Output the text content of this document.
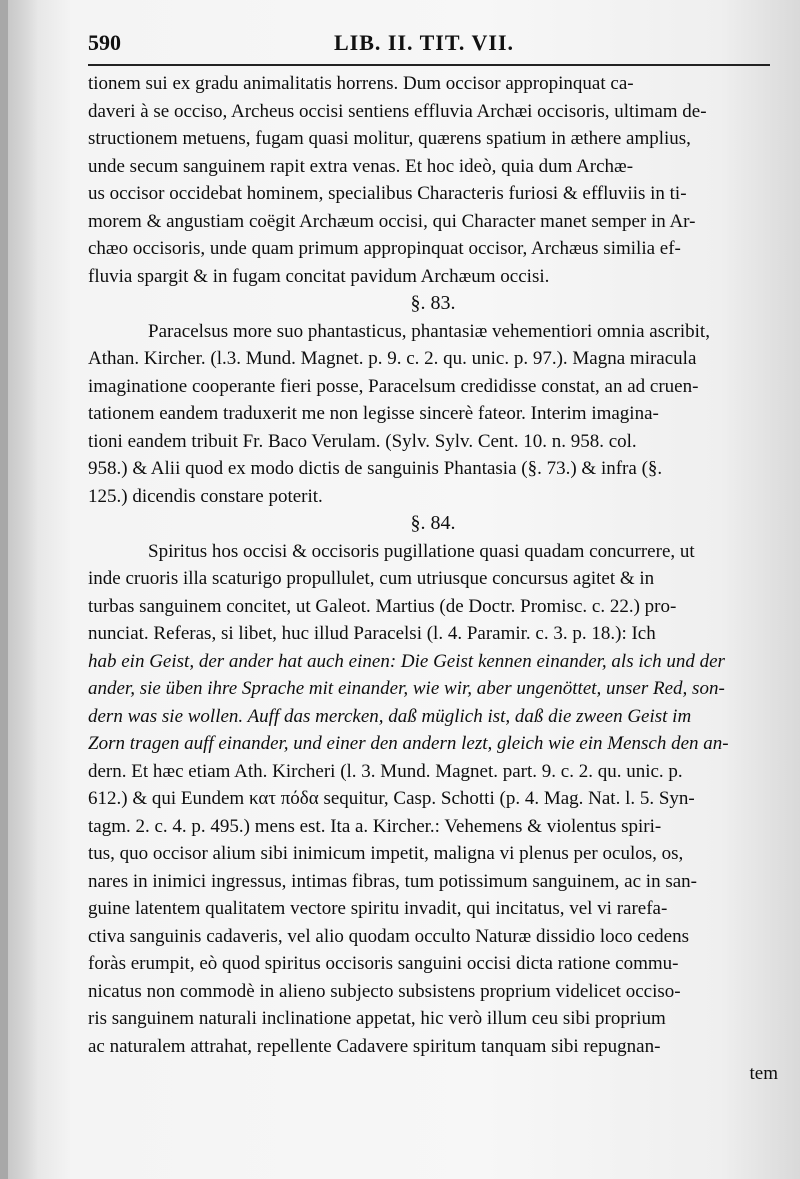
590	LIB. II. TIT. VII.

tionem sui ex gradu animalitatis horrens. Dum occisor appropinquat ca-
daveri à se occiso, Archeus occisi sentiens effluvia Archæi occisoris, ultimam de-
structionem metuens, fugam quasi molitur, quærens spatium in æthere amplius,
unde secum sanguinem rapit extra venas. Et hoc ideò, quia dum Archæ-
us occisor occidebat hominem, specialibus Characteris furiosi & effluviis in ti-
morem & angustiam coëgit Archæum occisi, qui Character manet semper in Ar-
chæo occisoris, unde quam primum appropinquat occisor, Archæus similia ef-
fluvia spargit & in fugam concitat pavidum Archæum occisi.

§. 83.

Paracelsus more suo phantasticus, phantasiæ vehementiori omnia ascribit,
Athan. Kircher. (l.3. Mund. Magnet. p. 9. c. 2. qu. unic. p. 97.). Magna miracula
imaginatione cooperante fieri posse, Paracelsum credidisse constat, an ad cruen-
tationem eandem traduxerit me non legisse sincerè fateor. Interim imagina-
tioni eandem tribuit Fr. Baco Verulam. (Sylv. Sylv. Cent. 10. n. 958. col.
958.) & Alii quod ex modo dictis de sanguinis Phantasia (§. 73.) & infra (§.
125.) dicendis constare poterit.

§. 84.

Spiritus hos occisi & occisoris pugillatione quasi quadam concurrere, ut
inde cruoris illa scaturigo propullulet, cum utriusque concursus agitet & in
turbas sanguinem concitet, ut Galeot. Martius (de Doctr. Promisc. c. 22.) pro-
nunciat. Referas, si libet, huc illud Paracelsi (l. 4. Paramir. c. 3. p. 18.): Ich
hab ein Geist, der ander hat auch einen: Die Geist kennen einander, als ich und der
ander, sie üben ihre Sprache mit einander, wie wir, aber ungenöttet, unser Red, son-
dern was sie wollen. Auff das mercken, daß müglich ist, daß die zween Geist im
Zorn tragen auff einander, und einer den andern lezt, gleich wie ein Mensch den an-
dern. Et hæc etiam Ath. Kircheri (l. 3. Mund. Magnet. part. 9. c. 2. qu. unic. p.
612.) & qui Eundem κατ πόδα sequitur, Casp. Schotti (p. 4. Mag. Nat. l. 5. Syn-
tagm. 2. c. 4. p. 495.) mens est. Ita a. Kircher.: Vehemens & violentus spiri-
tus, quo occisor alium sibi inimicum impetit, maligna vi plenus per oculos, os,
nares in inimici ingressus, intimas fibras, tum potissimum sanguinem, ac in san-
guine latentem qualitatem vectore spiritu invadit, qui incitatus, vel vi rarefa-
ctiva sanguinis cadaveris, vel alio quodam occulto Naturæ dissidio loco cedens
foràs erumpit, eò quod spiritus occisoris sanguini occisi dicta ratione commu-
nicatus non commodè in alieno subjecto subsistens proprium videlicet occiso-
ris sanguinem naturali inclinatione appetat, hic verò illum ceu sibi proprium
ac naturalem attrahat, repellente Cadavere spiritum tanquam sibi repugnan-
tem
